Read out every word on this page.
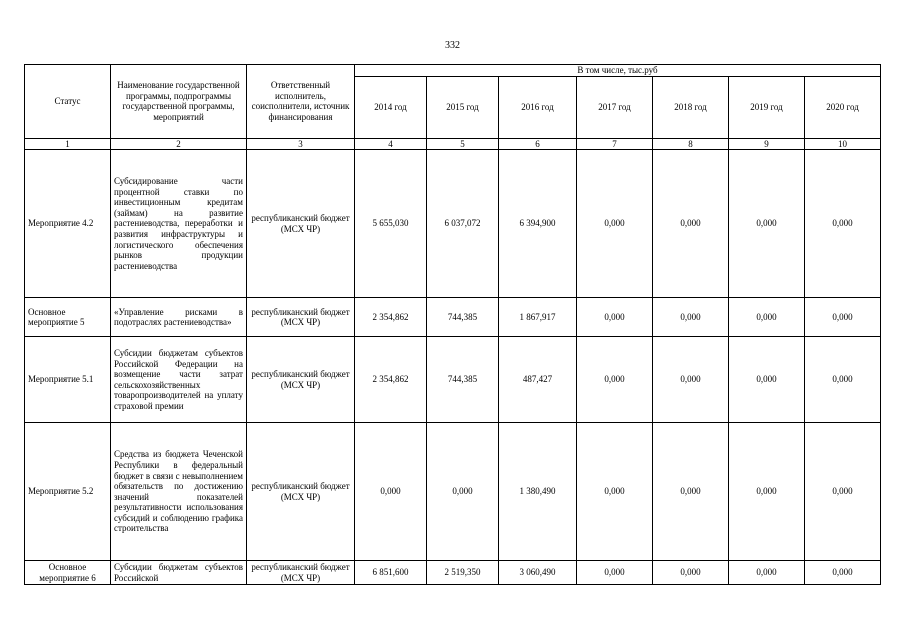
332
Статус	Наименование государственной программы, подпрограммы государственной программы, мероприятий	Ответственный исполнитель, соисполнители, источник финансирования	В том числе, тыс.руб						
			2014 год	2015 год	2016 год	2017 год	2018 год	2019 год	2020 год
1	2	3	4	5	6	7	8	9	10
Мероприятие 4.2	Субсидирование части процентной ставки по инвестиционным кредитам (займам) на развитие растениеводства, переработки и развития инфраструктуры и логистического обеспечения рынков продукции растениеводства	республиканский бюджет (МСХ ЧР)	5 655,030	6 037,072	6 394,900	0,000	0,000	0,000	0,000
Основное мероприятие 5	«Управление рисками в подотраслях растениеводства»	республиканский бюджет (МСХ ЧР)	2 354,862	744,385	1 867,917	0,000	0,000	0,000	0,000
Мероприятие 5.1	Субсидии бюджетам субъектов Российской Федерации на возмещение части затрат сельскохозяйственных товаропроизводителей на уплату страховой премии	республиканский бюджет (МСХ ЧР)	2 354,862	744,385	487,427	0,000	0,000	0,000	0,000
Мероприятие 5.2	Средства из бюджета Чеченской Республики в федеральный бюджет в связи с невыполнением обязательств по достижению значений показателей результативности использования субсидий и соблюдению графика строительства	республиканский бюджет (МСХ ЧР)	0,000	0,000	1 380,490	0,000	0,000	0,000	0,000
Основное мероприятие 6	Субсидии бюджетам субъектов Российской	республиканский бюджет (МСХ ЧР)	6 851,600	2 519,350	3 060,490	0,000	0,000	0,000	0,000
